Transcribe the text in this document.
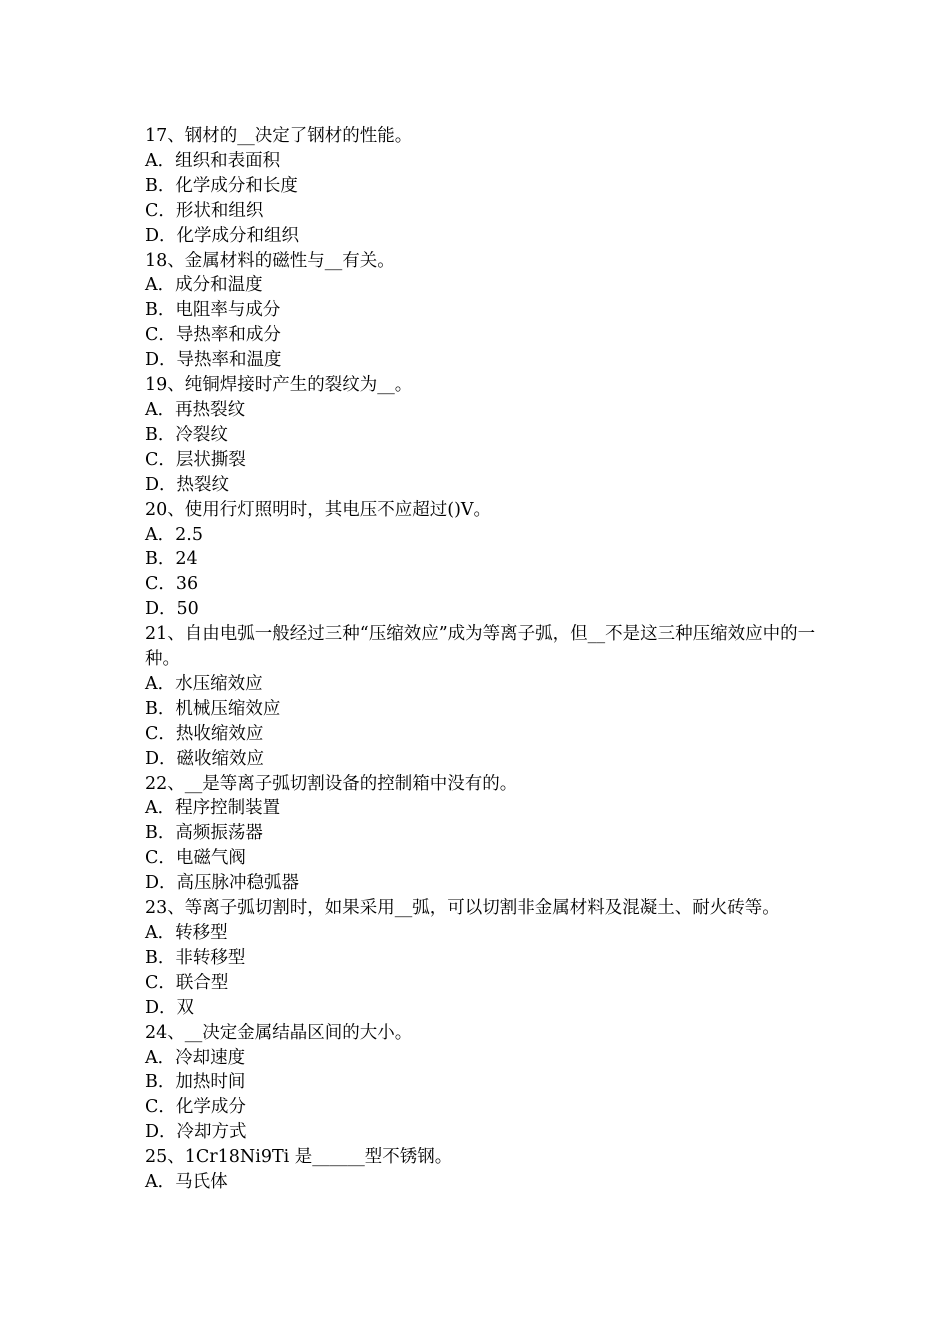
17、钢材的__决定了钢材的性能。
A．组织和表面积
B．化学成分和长度
C．形状和组织
D．化学成分和组织
18、金属材料的磁性与__有关。
A．成分和温度
B．电阻率与成分
C．导热率和成分
D．导热率和温度
19、纯铜焊接时产生的裂纹为__。
A．再热裂纹
B．冷裂纹
C．层状撕裂
D．热裂纹
20、使用行灯照明时，其电压不应超过()V。
A．2.5
B．24
C．36
D．50
21、自由电弧一般经过三种“压缩效应”成为等离子弧，但__不是这三种压缩效应中的一种。
A．水压缩效应
B．机械压缩效应
C．热收缩效应
D．磁收缩效应
22、__是等离子弧切割设备的控制箱中没有的。
A．程序控制装置
B．高频振荡器
C．电磁气阀
D．高压脉冲稳弧器
23、等离子弧切割时，如果采用__弧，可以切割非金属材料及混凝土、耐火砖等。
A．转移型
B．非转移型
C．联合型
D．双
24、__决定金属结晶区间的大小。
A．冷却速度
B．加热时间
C．化学成分
D．冷却方式
25、1Cr18Ni9Ti 是______型不锈钢。
A．马氏体
